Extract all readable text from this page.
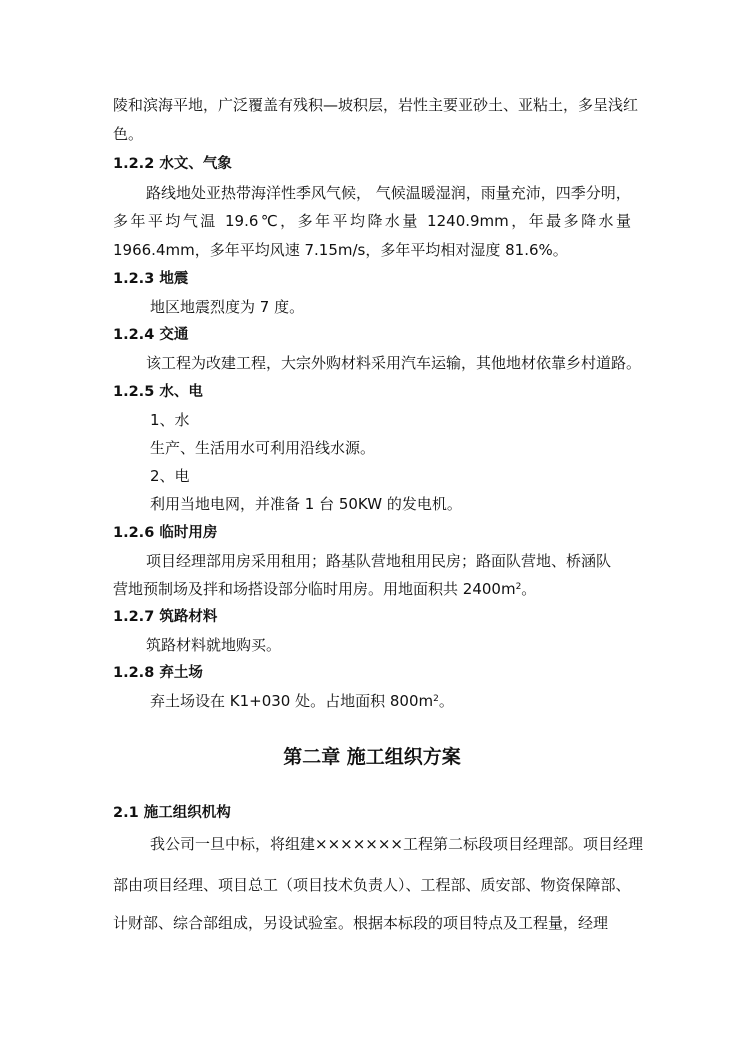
陵和滨海平地，广泛覆盖有残积—坡积层，岩性主要亚砂土、亚粘土，多呈浅红
色。
1.2.2 水文、气象
路线地处亚热带海洋性季风气候， 气候温暖湿润，雨量充沛，四季分明，
多年平均气温 19.6℃，多年平均降水量 1240.9mm，年最多降水量
1966.4mm，多年平均风速 7.15m/s，多年平均相对湿度 81.6%。
1.2.3 地震
地区地震烈度为 7 度。
1.2.4 交通
该工程为改建工程，大宗外购材料采用汽车运输，其他地材依靠乡村道路。
1.2.5 水、电
1、水
生产、生活用水可利用沿线水源。
2、电
利用当地电网，并准备 1 台 50KW 的发电机。
1.2.6 临时用房
项目经理部用房采用租用；路基队营地租用民房；路面队营地、桥涵队
营地预制场及拌和场搭设部分临时用房。用地面积共 $2400m^2$。
1.2.7 筑路材料
筑路材料就地购买。
1.2.8 弃土场
弃土场设在 K1+030 处。占地面积 $800m^2$。
第二章 施工组织方案
2.1 施工组织机构
我公司一旦中标，将组建×××××××工程第二标段项目经理部。项目经理
部由项目经理、项目总工（项目技术负责人）、工程部、质安部、物资保障部、
计财部、综合部组成，另设试验室。根据本标段的项目特点及工程量，经理
